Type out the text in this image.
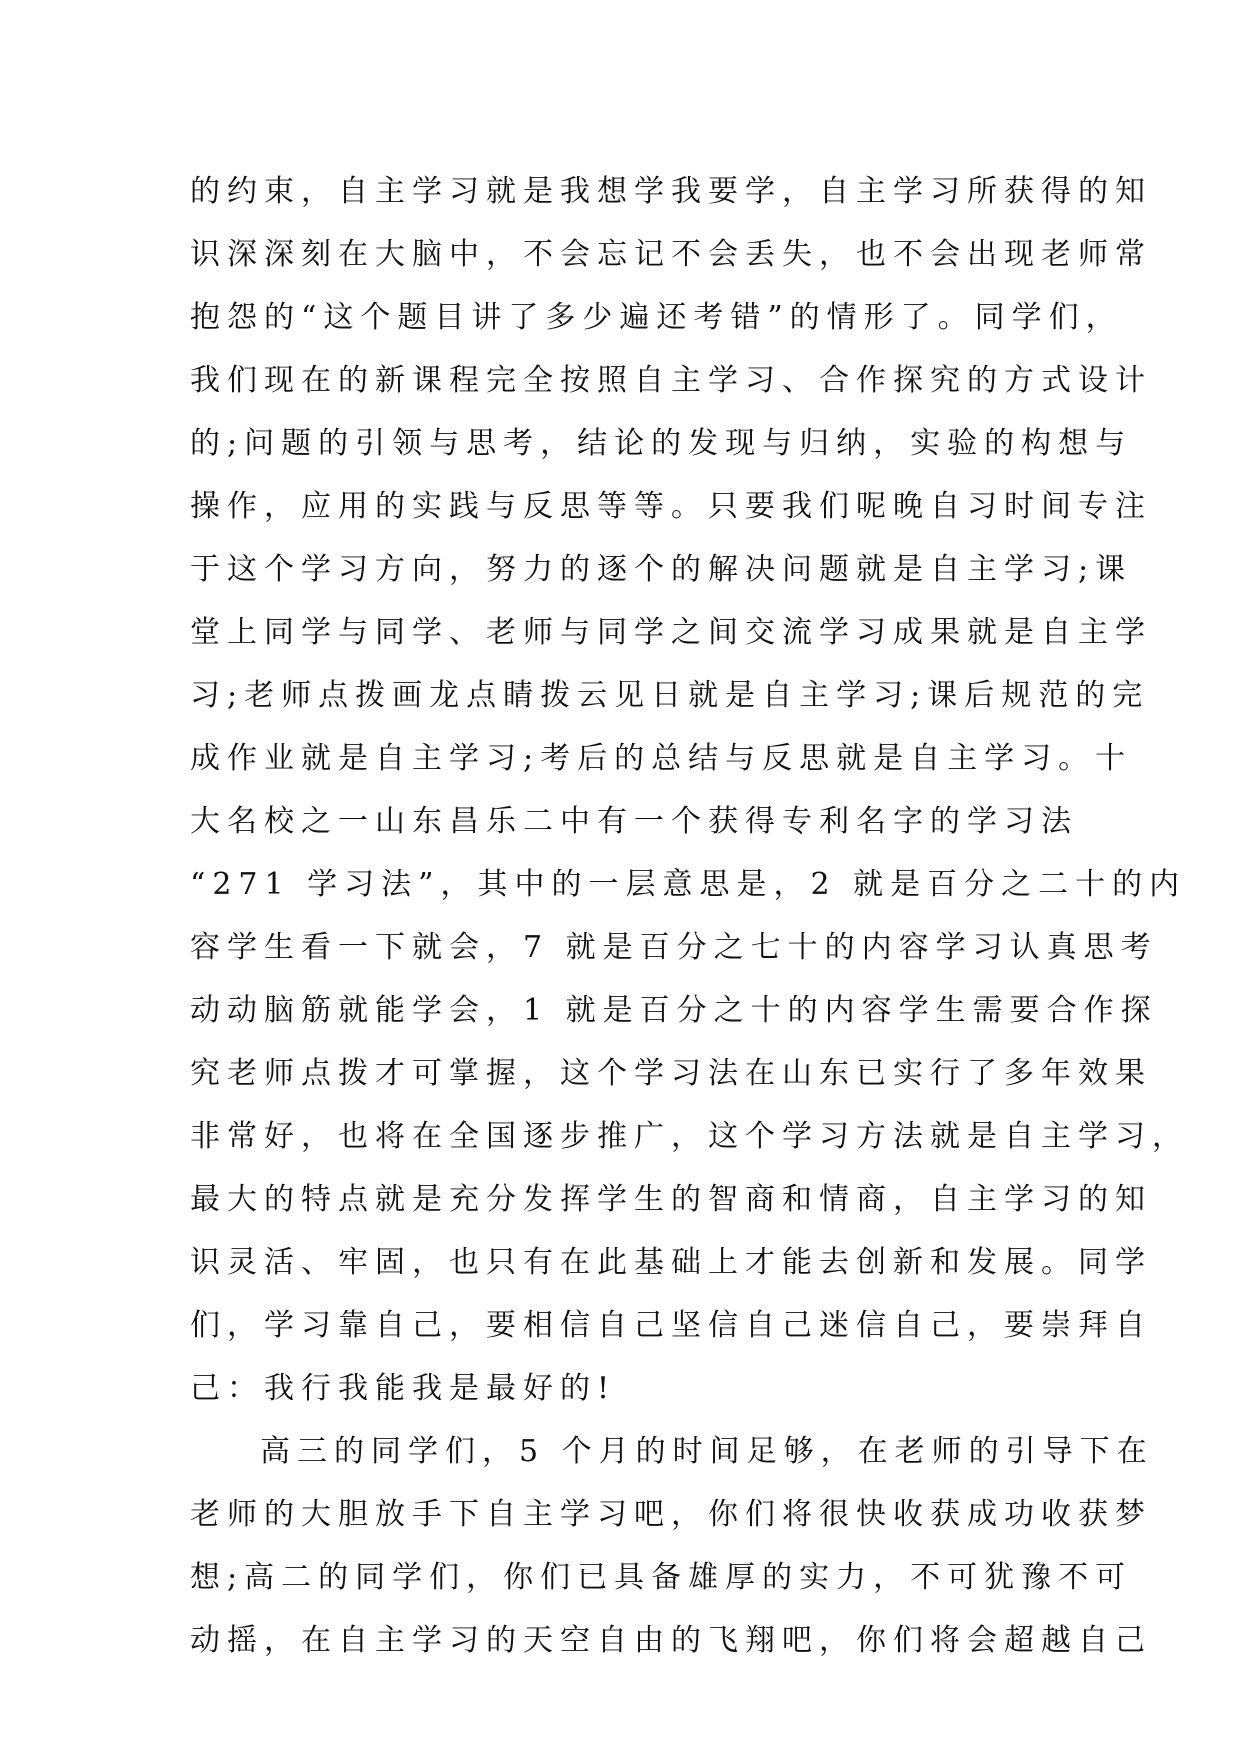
的约束，自主学习就是我想学我要学，自主学习所获得的知
识深深刻在大脑中，不会忘记不会丢失，也不会出现老师常
抱怨的“这个题目讲了多少遍还考错”的情形了。同学们，
我们现在的新课程完全按照自主学习、合作探究的方式设计
的;问题的引领与思考，结论的发现与归纳，实验的构想与
操作，应用的实践与反思等等。只要我们呢晚自习时间专注
于这个学习方向，努力的逐个的解决问题就是自主学习;课
堂上同学与同学、老师与同学之间交流学习成果就是自主学
习;老师点拨画龙点睛拨云见日就是自主学习;课后规范的完
成作业就是自主学习;考后的总结与反思就是自主学习。十
大名校之一山东昌乐二中有一个获得专利名字的学习法
“271 学习法”，其中的一层意思是，2 就是百分之二十的内
容学生看一下就会，7 就是百分之七十的内容学习认真思考
动动脑筋就能学会，1 就是百分之十的内容学生需要合作探
究老师点拨才可掌握，这个学习法在山东已实行了多年效果
非常好，也将在全国逐步推广，这个学习方法就是自主学习，
最大的特点就是充分发挥学生的智商和情商，自主学习的知
识灵活、牢固，也只有在此基础上才能去创新和发展。同学
们，学习靠自己，要相信自己坚信自己迷信自己，要崇拜自
己：我行我能我是最好的!
高三的同学们，5 个月的时间足够，在老师的引导下在
老师的大胆放手下自主学习吧，你们将很快收获成功收获梦
想;高二的同学们，你们已具备雄厚的实力，不可犹豫不可
动摇，在自主学习的天空自由的飞翔吧，你们将会超越自己
